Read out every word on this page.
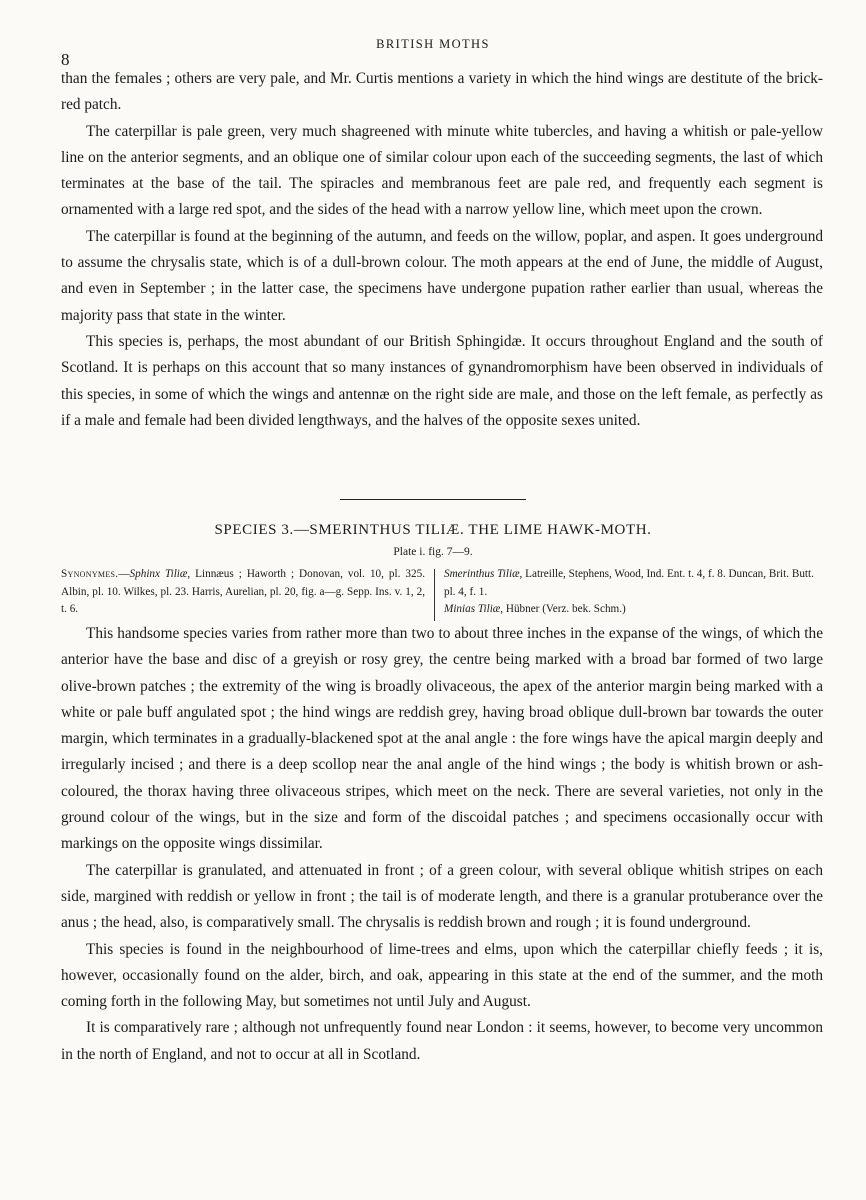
8
BRITISH MOTHS

than the females ; others are very pale, and Mr. Curtis mentions a variety in which the hind wings are destitute of the brick-red patch.

The caterpillar is pale green, very much shagreened with minute white tubercles, and having a whitish or pale-yellow line on the anterior segments, and an oblique one of similar colour upon each of the succeeding segments, the last of which terminates at the base of the tail. The spiracles and membranous feet are pale red, and frequently each segment is ornamented with a large red spot, and the sides of the head with a narrow yellow line, which meet upon the crown.

The caterpillar is found at the beginning of the autumn, and feeds on the willow, poplar, and aspen. It goes underground to assume the chrysalis state, which is of a dull-brown colour. The moth appears at the end of June, the middle of August, and even in September ; in the latter case, the specimens have undergone pupation rather earlier than usual, whereas the majority pass that state in the winter.

This species is, perhaps, the most abundant of our British Sphingidæ. It occurs throughout England and the south of Scotland. It is perhaps on this account that so many instances of gynandromorphism have been observed in individuals of this species, in some of which the wings and antennæ on the right side are male, and those on the left female, as perfectly as if a male and female had been divided lengthways, and the halves of the opposite sexes united.

SPECIES 3.—SMERINTHUS TILIÆ. THE LIME HAWK-MOTH.
Plate i. fig. 7—9.
Synonymes.—Sphinx Tiliæ, Linnæus ; Haworth ; Donovan, vol. 10, pl. 325. Albin, pl. 10. Wilkes, pl. 23. Harris, Aurelian, pl. 20, fig. a—g. Sepp. Ins. v. 1, 2, t. 6.
Smerinthus Tiliæ, Latreille, Stephens, Wood, Ind. Ent. t. 4, f. 8. Duncan, Brit. Butt. pl. 4, f. 1.
Minias Tiliæ, Hübner (Verz. bek. Schm.)

This handsome species varies from rather more than two to about three inches in the expanse of the wings, of which the anterior have the base and disc of a greyish or rosy grey, the centre being marked with a broad bar formed of two large olive-brown patches ; the extremity of the wing is broadly olivaceous, the apex of the anterior margin being marked with a white or pale buff angulated spot ; the hind wings are reddish grey, having broad oblique dull-brown bar towards the outer margin, which terminates in a gradually-blackened spot at the anal angle : the fore wings have the apical margin deeply and irregularly incised ; and there is a deep scollop near the anal angle of the hind wings ; the body is whitish brown or ash-coloured, the thorax having three olivaceous stripes, which meet on the neck. There are several varieties, not only in the ground colour of the wings, but in the size and form of the discoidal patches ; and specimens occasionally occur with markings on the opposite wings dissimilar.

The caterpillar is granulated, and attenuated in front ; of a green colour, with several oblique whitish stripes on each side, margined with reddish or yellow in front ; the tail is of moderate length, and there is a granular protuberance over the anus ; the head, also, is comparatively small. The chrysalis is reddish brown and rough ; it is found underground.

This species is found in the neighbourhood of lime-trees and elms, upon which the caterpillar chiefly feeds ; it is, however, occasionally found on the alder, birch, and oak, appearing in this state at the end of the summer, and the moth coming forth in the following May, but sometimes not until July and August.

It is comparatively rare ; although not unfrequently found near London : it seems, however, to become very uncommon in the north of England, and not to occur at all in Scotland.
